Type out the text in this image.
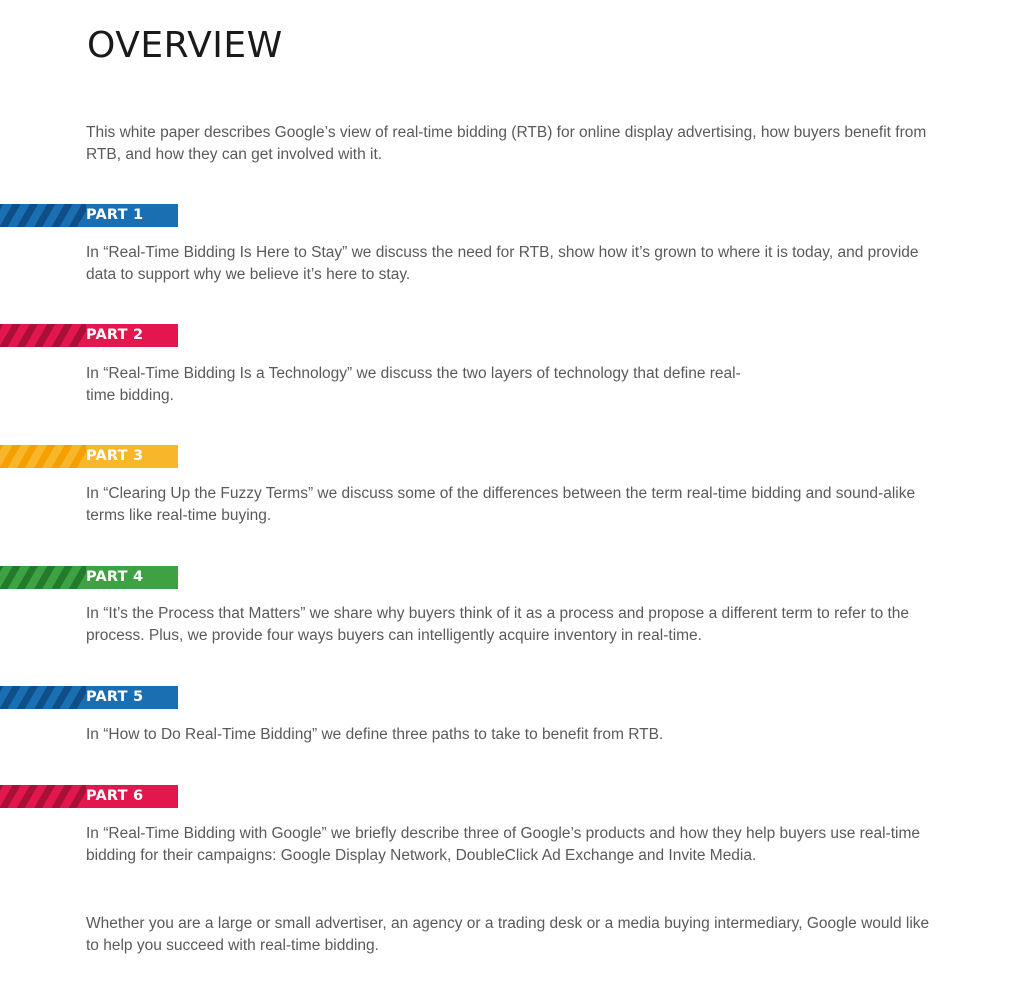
OVERVIEW

This white paper describes Google’s view of real-time bidding (RTB) for online display advertising, how buyers benefit from RTB, and how they can get involved with it.

PART 1

In “Real-Time Bidding Is Here to Stay” we discuss the need for RTB, show how it’s grown to where it is today, and provide data to support why we believe it’s here to stay.

PART 2

In “Real-Time Bidding Is a Technology” we discuss the two layers of technology that define real-
time bidding.

PART 3

In “Clearing Up the Fuzzy Terms” we discuss some of the differences between the term real-time bidding and sound-alike terms like real-time buying.

PART 4

In “It’s the Process that Matters” we share why buyers think of it as a process and propose a different term to refer to the process. Plus, we provide four ways buyers can intelligently acquire inventory in real-time.

PART 5

In “How to Do Real-Time Bidding” we define three paths to take to benefit from RTB.

PART 6

In “Real-Time Bidding with Google” we briefly describe three of Google’s products and how they help buyers use real-time bidding for their campaigns: Google Display Network, DoubleClick Ad Exchange and Invite Media.

Whether you are a large or small advertiser, an agency or a trading desk or a media buying intermediary, Google would like to help you succeed with real-time bidding.
